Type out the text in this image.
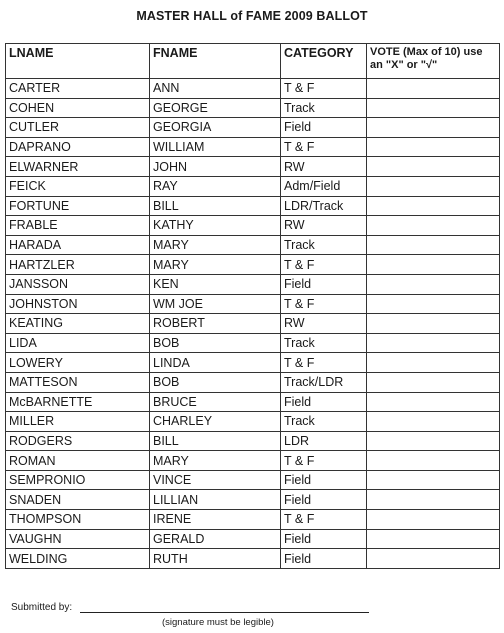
MASTER HALL of FAME 2009 BALLOT
LNAME	FNAME	CATEGORY	VOTE (Max of 10) use an "X" or "√"
CARTER	ANN	T & F	
COHEN	GEORGE	Track	
CUTLER	GEORGIA	Field	
DAPRANO	WILLIAM	T & F	
ELWARNER	JOHN	RW	
FEICK	RAY	Adm/Field	
FORTUNE	BILL	LDR/Track	
FRABLE	KATHY	RW	
HARADA	MARY	Track	
HARTZLER	MARY	T & F	
JANSSON	KEN	Field	
JOHNSTON	WM JOE	T & F	
KEATING	ROBERT	RW	
LIDA	BOB	Track	
LOWERY	LINDA	T & F	
MATTESON	BOB	Track/LDR	
McBARNETTE	BRUCE	Field	
MILLER	CHARLEY	Track	
RODGERS	BILL	LDR	
ROMAN	MARY	T & F	
SEMPRONIO	VINCE	Field	
SNADEN	LILLIAN	Field	
THOMPSON	IRENE	T & F	
VAUGHN	GERALD	Field	
WELDING	RUTH	Field	
Submitted by:
(signature must be legible)
